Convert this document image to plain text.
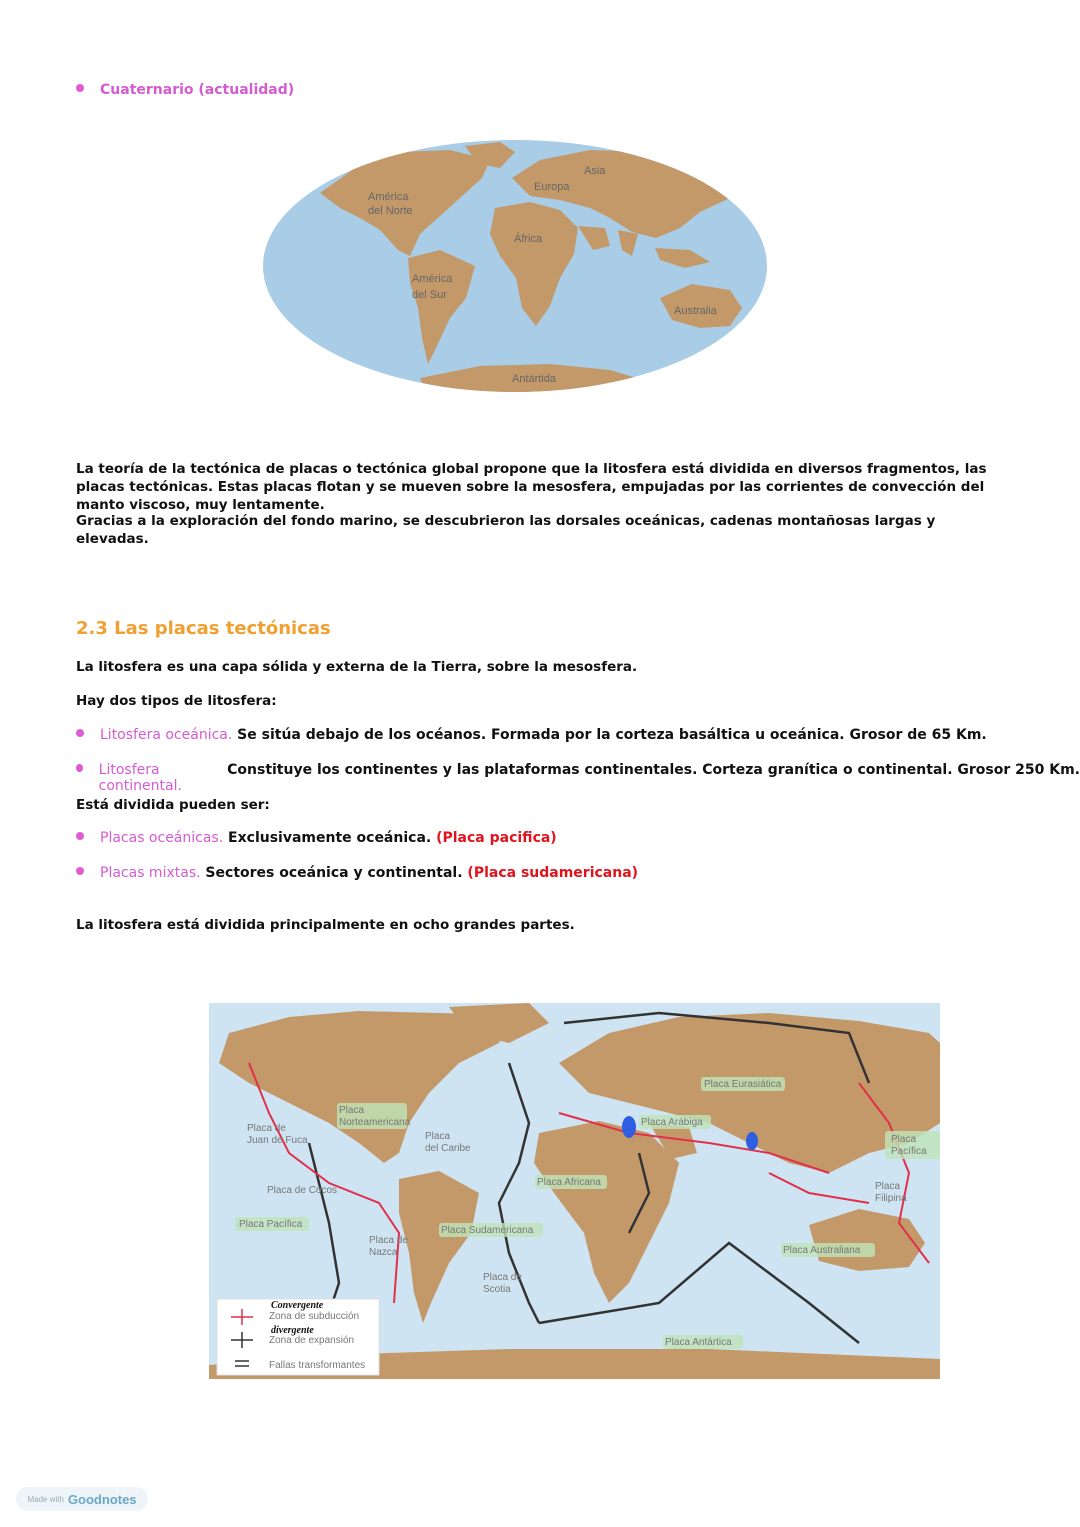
Cuaternario (actualidad)
América
del Norte
Europa
Asia
África
América
del Sur
Australia
Antártida
La teoría de la tectónica de placas o tectónica global propone que la litosfera está dividida en diversos fragmentos, las placas tectónicas. Estas placas flotan y se mueven sobre la mesosfera, empujadas por las corrientes de convección del manto viscoso, muy lentamente.
Gracias a la exploración del fondo marino, se descubrieron las dorsales oceánicas, cadenas montañosas largas y elevadas.
2.3 Las placas tectónicas
La litosfera es una capa sólida y externa de la Tierra, sobre la mesosfera.
Hay dos tipos de litosfera:
Litosfera oceánica. Se sitúa debajo de los océanos. Formada por la corteza basáltica u oceánica. Grosor de 65 Km.
Litosfera continental.
Constituye los continentes y las plataformas continentales. Corteza granítica o continental. Grosor 250 Km.
Está dividida pueden ser:
Placas oceánicas. Exclusivamente oceánica. (Placa pacifica)
Placas mixtas. Sectores oceánica y continental. (Placa sudamericana)
La litosfera está dividida principalmente en ocho grandes partes.
Placa Eurasiática
Placa
Norteamericana
Placa de
Juan de Fuca	Placa
del Caribe
Placa Arábiga
Placa
Pacífica
Placa de Cocos
Placa Africana	Placa
Filipina
Placa Pacífica
Placa Sudamericana
Placa de
Nazca	Placa Australiana
Placa de
Scotia
Placa Antártica
Convergente
Zona de subducción
divergente
Zona de expansión
Fallas transformantes
Made with Goodnotes
